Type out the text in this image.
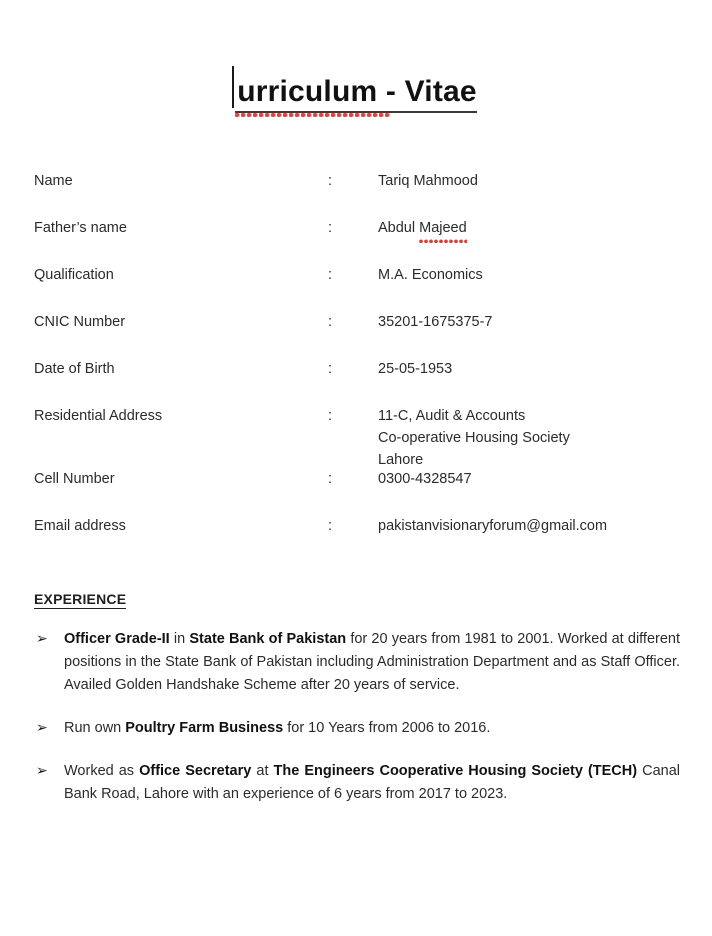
urriculum - Vitae
Name	:	Tariq Mahmood
Father’s name	:	Abdul Majeed
Qualification	:	M.A. Economics
CNIC Number	:	35201-1675375-7
Date of Birth	:	25-05-1953
Residential Address	:	11-C, Audit & Accounts
Co-operative Housing Society
Lahore
Cell Number	:	0300-4328547
Email address	:	pakistanvisionaryforum@gmail.com
EXPERIENCE
➢ Officer Grade-II in State Bank of Pakistan for 20 years from 1981 to 2001. Worked at different positions in the State Bank of Pakistan including Administration Department and as Staff Officer. Availed Golden Handshake Scheme after 20 years of service.
➢ Run own Poultry Farm Business for 10 Years from 2006 to 2016.
➢ Worked as Office Secretary at The Engineers Cooperative Housing Society (TECH) Canal Bank Road, Lahore with an experience of 6 years from 2017 to 2023.
